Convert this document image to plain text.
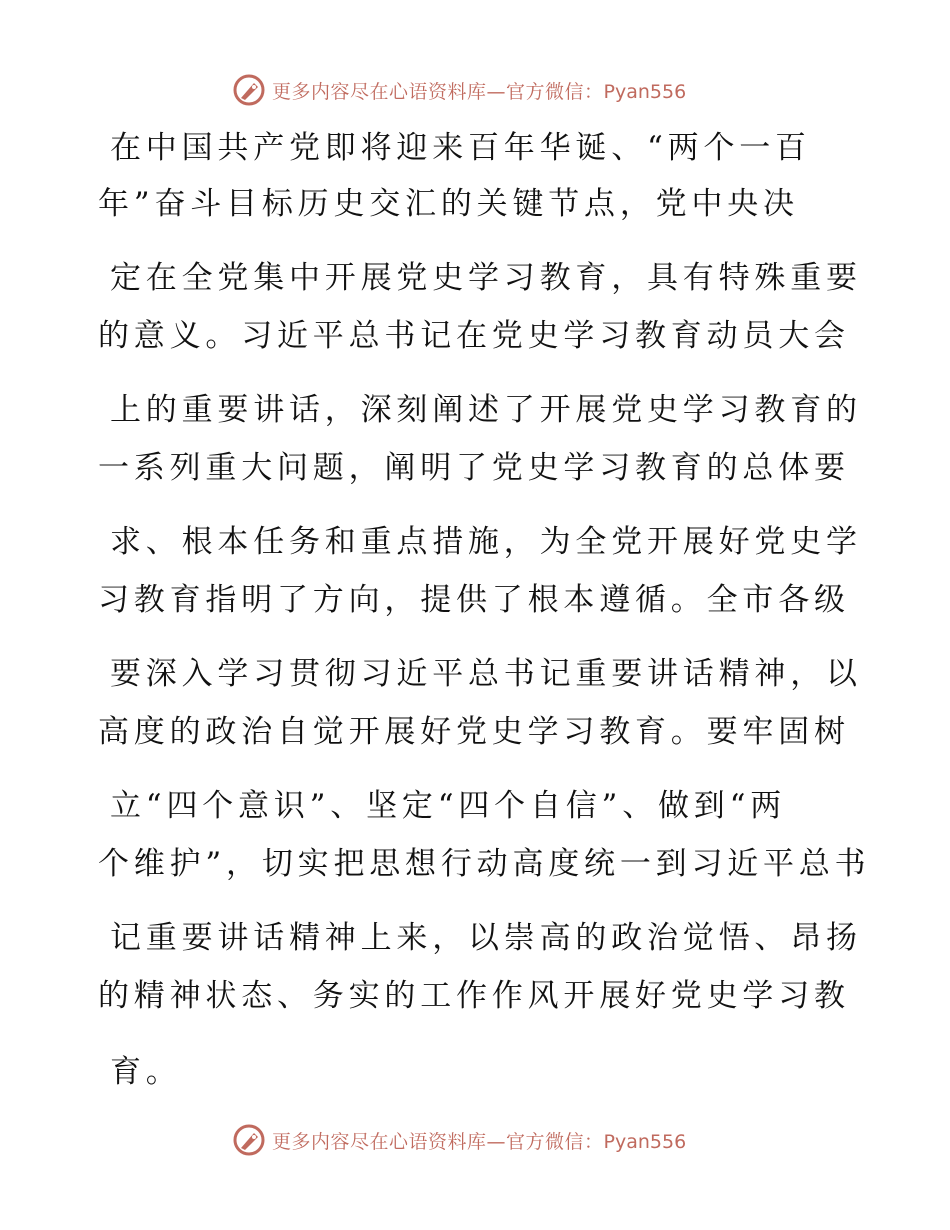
更多内容尽在心语资料库—官方微信：Pyan556
在中国共产党即将迎来百年华诞、“两个一百
年”奋斗目标历史交汇的关键节点，党中央决
定在全党集中开展党史学习教育，具有特殊重要
的意义。习近平总书记在党史学习教育动员大会
上的重要讲话，深刻阐述了开展党史学习教育的
一系列重大问题，阐明了党史学习教育的总体要
求、根本任务和重点措施，为全党开展好党史学
习教育指明了方向，提供了根本遵循。全市各级
要深入学习贯彻习近平总书记重要讲话精神，以
高度的政治自觉开展好党史学习教育。要牢固树
立“四个意识”、坚定“四个自信”、做到“两
个维护”，切实把思想行动高度统一到习近平总书
记重要讲话精神上来，以崇高的政治觉悟、昂扬
的精神状态、务实的工作作风开展好党史学习教
育。
更多内容尽在心语资料库—官方微信：Pyan556
